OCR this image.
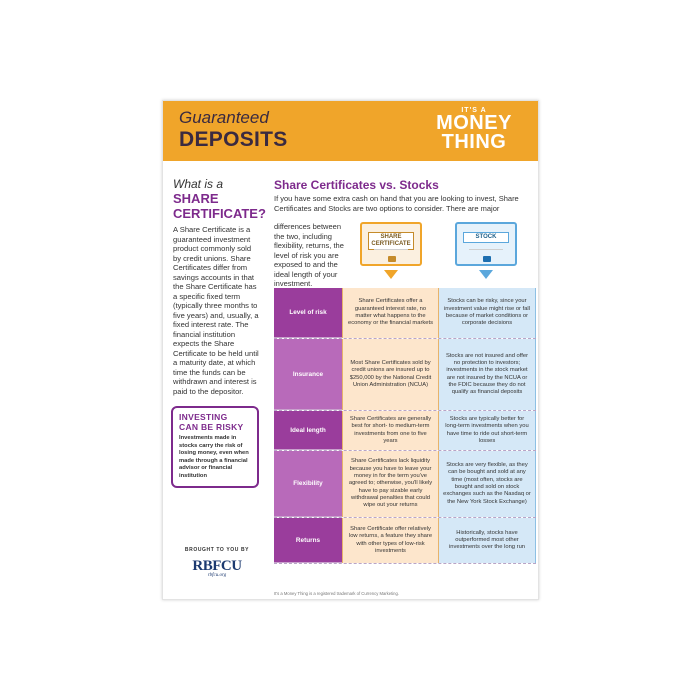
Guaranteed
DEPOSITS
IT'S A
MONEY
THING
What is a
SHARE
CERTIFICATE?
A Share Certificate is a guaranteed investment product commonly sold by credit unions. Share Certificates differ from savings accounts in that the Share Certificate has a specific fixed term (typically three months to five years) and, usually, a fixed interest rate. The financial institution expects the Share Certificate to be held until a maturity date, at which time the funds can be withdrawn and interest is paid to the depositor.
INVESTING
CAN BE RISKY
Investments made in stocks carry the risk of losing money, even when made through a financial advisor or financial institution
BROUGHT TO YOU BY
RBFCU
rbfcu.org
Share Certificates vs. Stocks
If you have some extra cash on hand that you are looking to invest, Share Certificates and Stocks are two options to consider. There are major
differences between the two, including flexibility, returns, the level of risk you are exposed to and the ideal length of your investment.
SHARE CERTIFICATE
STOCK
Level of risk
Share Certificates offer a guaranteed interest rate, no matter what happens to the economy or the financial markets
Stocks can be risky, since your investment value might rise or fall because of market conditions or corporate decisions
Insurance
Most Share Certificates sold by credit unions are insured up to $250,000 by the National Credit Union Administration (NCUA)
Stocks are not insured and offer no protection to investors; investments in the stock market are not insured by the NCUA or the FDIC because they do not qualify as financial deposits
Ideal length
Share Certificates are generally best for short- to medium-term investments from one to five years
Stocks are typically better for long-term investments when you have time to ride out short-term losses
Flexibility
Share Certificates lack liquidity because you have to leave your money in for the term you've agreed to; otherwise, you'll likely have to pay sizable early withdrawal penalties that could wipe out your returns
Stocks are very flexible, as they can be bought and sold at any time (most often, stocks are bought and sold on stock exchanges such as the Nasdaq or the New York Stock Exchange)
Returns
Share Certificate offer relatively low returns, a feature they share with other types of low-risk investments
Historically, stocks have outperformed most other investments over the long run
It's a Money Thing is a registered trademark of Currency Marketing.
